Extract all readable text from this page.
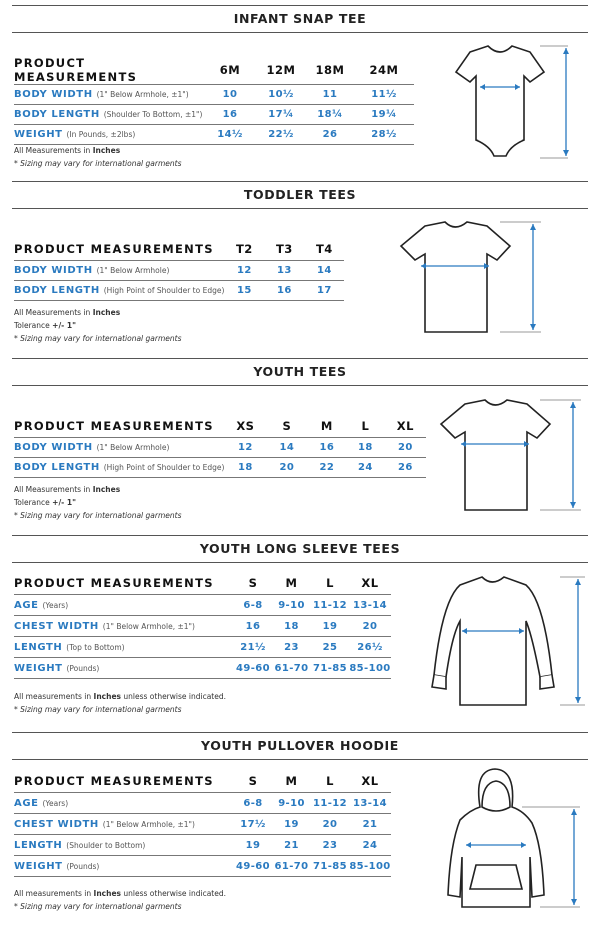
INFANT SNAP TEE
PRODUCT MEASUREMENTS	6M	12M	18M	24M
BODY WIDTH (1" Below Armhole, ±1")	10	10½	11	11½
BODY LENGTH (Shoulder To Bottom, ±1")	16	17¼	18¼	19¼
WEIGHT (In Pounds, ±2lbs)	14½	22½	26	28½
All Measurements in Inches
* Sizing may vary for international garments
TODDLER TEES
PRODUCT MEASUREMENTS	T2	T3	T4
BODY WIDTH (1" Below Armhole)	12	13	14
BODY LENGTH (High Point of Shoulder to Edge)	15	16	17
All Measurements in Inches
Tolerance +/- 1"
* Sizing may vary for international garments
YOUTH TEES
PRODUCT MEASUREMENTS	XS	S	M	L	XL
BODY WIDTH (1" Below Armhole)	12	14	16	18	20
BODY LENGTH (High Point of Shoulder to Edge)	18	20	22	24	26
All Measurements in Inches
Tolerance +/- 1"
* Sizing may vary for international garments
YOUTH LONG SLEEVE TEES
PRODUCT MEASUREMENTS	S	M	L	XL
AGE (Years)	6-8	9-10	11-12	13-14
CHEST WIDTH (1" Below Armhole, ±1")	16	18	19	20
LENGTH (Top to Bottom)	21½	23	25	26½
WEIGHT (Pounds)	49-60	61-70	71-85	85-100
All measurements in Inches unless otherwise indicated.
* Sizing may vary for international garments
YOUTH PULLOVER HOODIE
PRODUCT MEASUREMENTS	S	M	L	XL
AGE (Years)	6-8	9-10	11-12	13-14
CHEST WIDTH (1" Below Armhole, ±1")	17½	19	20	21
LENGTH (Shoulder to Bottom)	19	21	23	24
WEIGHT (Pounds)	49-60	61-70	71-85	85-100
All measurements in Inches unless otherwise indicated.
* Sizing may vary for international garments
